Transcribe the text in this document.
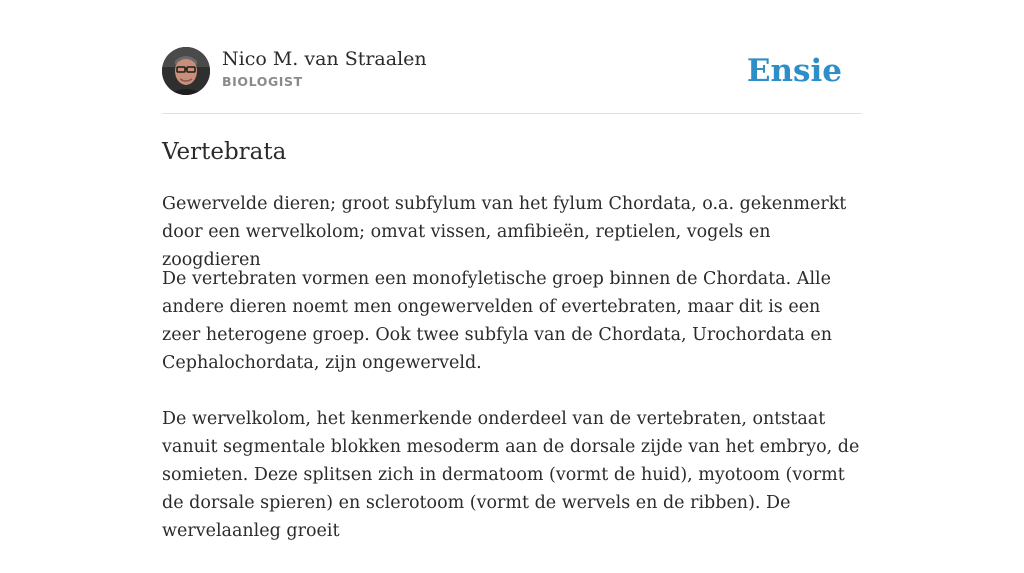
Nico M. van Straalen
BIOLOGIST	Ensie
Vertebrata

Gewervelde dieren; groot subfylum van het fylum Chordata, o.a. gekenmerkt door een wervelkolom; omvat vissen, amfibieën, reptielen, vogels en zoogdieren

De vertebraten vormen een monofyletische groep binnen de Chordata. Alle andere dieren noemt men ongewervelden of evertebraten, maar dit is een zeer heterogene groep. Ook twee subfyla van de Chordata, Urochordata en Cephalochordata, zijn ongewerveld.

De wervelkolom, het kenmerkende onderdeel van de vertebraten, ontstaat vanuit segmentale blokken mesoderm aan de dorsale zijde van het embryo, de somieten. Deze splitsen zich in dermatoom (vormt de huid), myotoom (vormt de dorsale spieren) en sclerotoom (vormt de wervels en de ribben). De wervelaanleg groeit
